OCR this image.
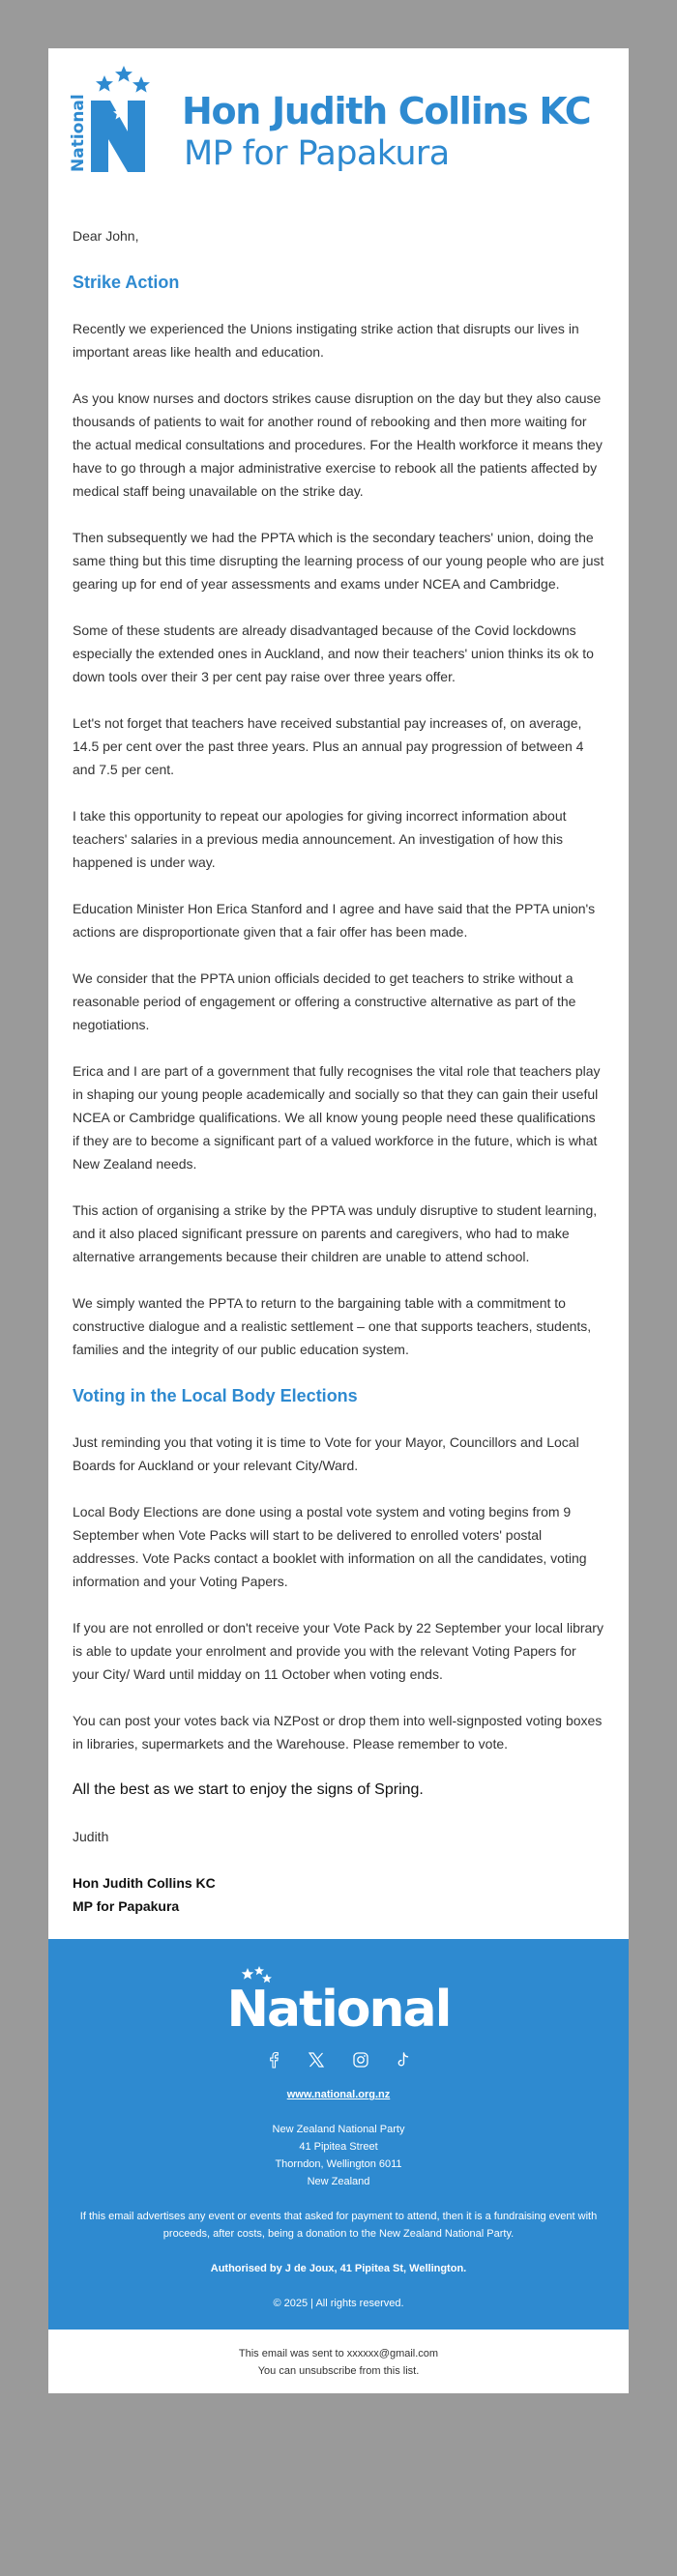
National	Hon Judith Collins KC
MP for Papakura

Dear John,

Strike Action

Recently we experienced the Unions instigating strike action that disrupts our lives in important areas like health and education.

As you know nurses and doctors strikes cause disruption on the day but they also cause thousands of patients to wait for another round of rebooking and then more waiting for the actual medical consultations and procedures. For the Health workforce it means they have to go through a major administrative exercise to rebook all the patients affected by medical staff being unavailable on the strike day.

Then subsequently we had the PPTA which is the secondary teachers' union, doing the same thing but this time disrupting the learning process of our young people who are just gearing up for end of year assessments and exams under NCEA and Cambridge.

Some of these students are already disadvantaged because of the Covid lockdowns especially the extended ones in Auckland, and now their teachers' union thinks its ok to down tools over their 3 per cent pay raise over three years offer.

Let's not forget that teachers have received substantial pay increases of, on average, 14.5 per cent over the past three years. Plus an annual pay progression of between 4 and 7.5 per cent.

I take this opportunity to repeat our apologies for giving incorrect information about teachers' salaries in a previous media announcement. An investigation of how this happened is under way.

Education Minister Hon Erica Stanford and I agree and have said that the PPTA union's actions are disproportionate given that a fair offer has been made.

We consider that the PPTA union officials decided to get teachers to strike without a reasonable period of engagement or offering a constructive alternative as part of the negotiations.

Erica and I are part of a government that fully recognises the vital role that teachers play in shaping our young people academically and socially so that they can gain their useful NCEA or Cambridge qualifications. We all know young people need these qualifications if they are to become a significant part of a valued workforce in the future, which is what New Zealand needs.

This action of organising a strike by the PPTA was unduly disruptive to student learning, and it also placed significant pressure on parents and caregivers, who had to make alternative arrangements because their children are unable to attend school.

We simply wanted the PPTA to return to the bargaining table with a commitment to constructive dialogue and a realistic settlement – one that supports teachers, students, families and the integrity of our public education system.

Voting in the Local Body Elections

Just reminding you that voting it is time to Vote for your Mayor, Councillors and Local Boards for Auckland or your relevant City/Ward.

Local Body Elections are done using a postal vote system and voting begins from 9 September when Vote Packs will start to be delivered to enrolled voters' postal addresses. Vote Packs contact a booklet with information on all the candidates, voting information and your Voting Papers.

If you are not enrolled or don't receive your Vote Pack by 22 September your local library is able to update your enrolment and provide you with the relevant Voting Papers for your City/ Ward until midday on 11 October when voting ends.

You can post your votes back via NZPost or drop them into well-signposted voting boxes in libraries, supermarkets and the Warehouse. Please remember to vote.

All the best as we start to enjoy the signs of Spring.

Judith

Hon Judith Collins KC

MP for Papakura

National

www.national.org.nz

New Zealand National Party
41 Pipitea Street
Thorndon, Wellington 6011
New Zealand

If this email advertises any event or events that asked for payment to attend, then it is a fundraising event with proceeds, after costs, being a donation to the New Zealand National Party.

Authorised by J de Joux, 41 Pipitea St, Wellington.

© 2025 | All rights reserved.

This email was sent to xxxxxx@gmail.com
You can unsubscribe from this list.
